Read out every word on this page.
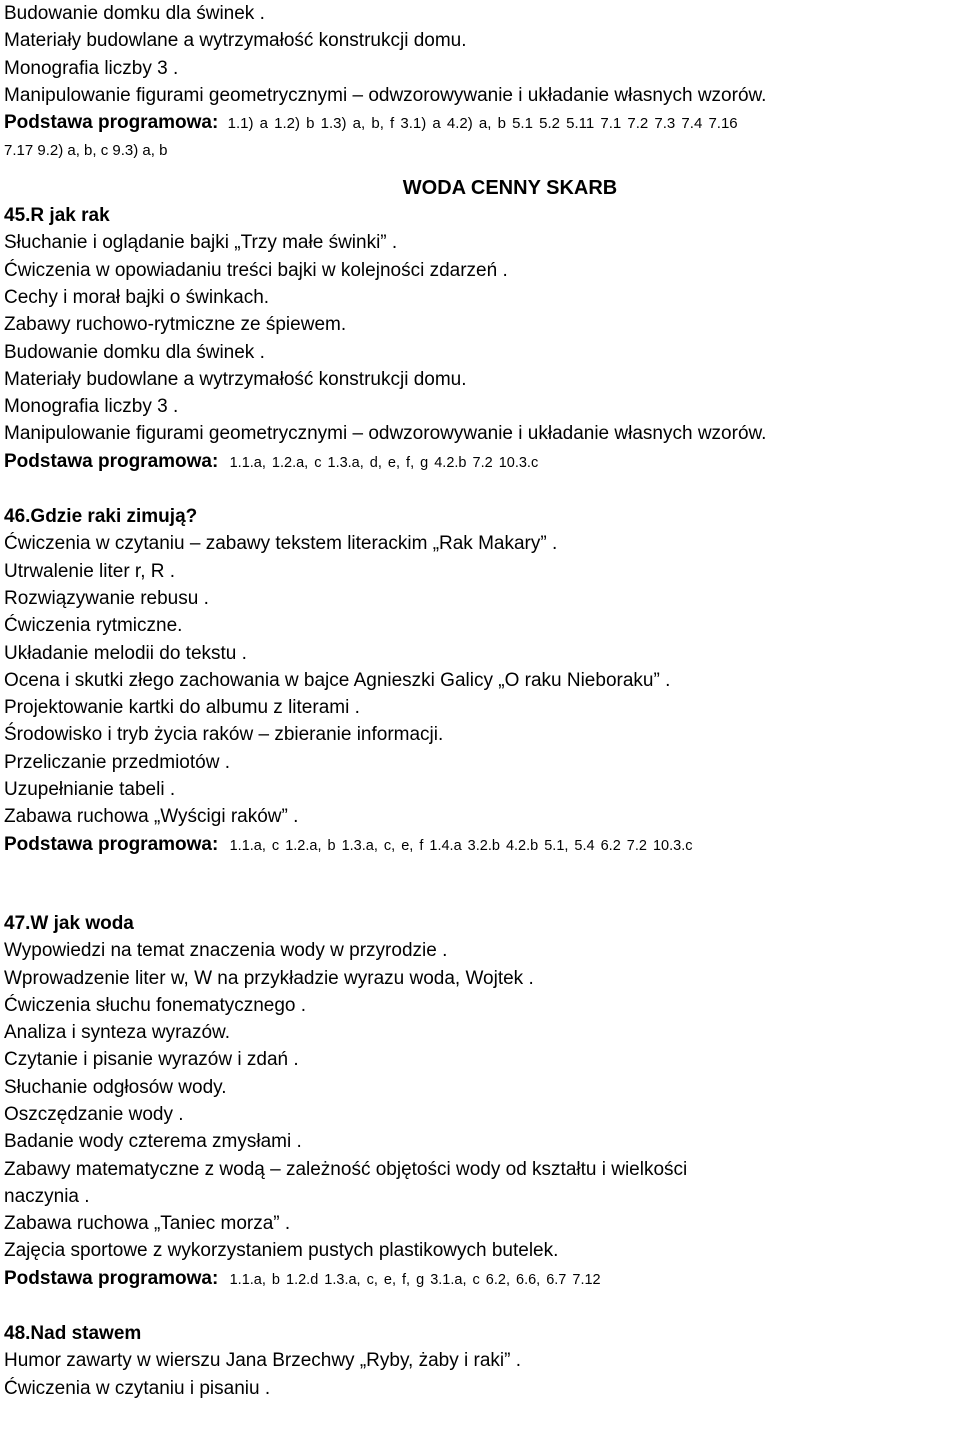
Budowanie domku dla świnek .
Materiały budowlane a wytrzymałość konstrukcji domu.
Monografia liczby 3 .
Manipulowanie figurami geometrycznymi – odwzorowywanie i układanie własnych wzorów.
Podstawa programowa: 1.1) a 1.2) b 1.3) a, b, f 3.1) a 4.2) a, b 5.1 5.2 5.11 7.1 7.2 7.3 7.4 7.16
7.17 9.2) a, b, c 9.3) a, b
WODA CENNY SKARB
45.R jak rak
Słuchanie i oglądanie bajki „Trzy małe świnki” .
Ćwiczenia w opowiadaniu treści bajki w kolejności zdarzeń .
Cechy i morał bajki o świnkach.
Zabawy ruchowo-rytmiczne ze śpiewem.
Budowanie domku dla świnek .
Materiały budowlane a wytrzymałość konstrukcji domu.
Monografia liczby 3 .
Manipulowanie figurami geometrycznymi – odwzorowywanie i układanie własnych wzorów.
Podstawa programowa: 1.1.a, 1.2.a, c 1.3.a, d, e, f, g 4.2.b 7.2 10.3.c
46.Gdzie raki zimują?
Ćwiczenia w czytaniu – zabawy tekstem literackim „Rak Makary” .
Utrwalenie liter r, R .
Rozwiązywanie rebusu .
Ćwiczenia rytmiczne.
Układanie melodii do tekstu .
Ocena i skutki złego zachowania w bajce Agnieszki Galicy „O raku Nieboraku” .
Projektowanie kartki do albumu z literami .
Środowisko i tryb życia raków – zbieranie informacji.
Przeliczanie przedmiotów .
Uzupełnianie tabeli .
Zabawa ruchowa „Wyścigi raków” .
Podstawa programowa: 1.1.a, c 1.2.a, b 1.3.a, c, e, f 1.4.a 3.2.b 4.2.b 5.1, 5.4 6.2 7.2 10.3.c
47.W jak woda
Wypowiedzi na temat znaczenia wody w przyrodzie .
Wprowadzenie liter w, W na przykładzie wyrazu woda, Wojtek .
Ćwiczenia słuchu fonematycznego .
Analiza i synteza wyrazów.
Czytanie i pisanie wyrazów i zdań .
Słuchanie odgłosów wody.
Oszczędzanie wody .
Badanie wody czterema zmysłami .
Zabawy matematyczne z wodą – zależność objętości wody od kształtu i wielkości
naczynia .
Zabawa ruchowa „Taniec morza” .
Zajęcia sportowe z wykorzystaniem pustych plastikowych butelek.
Podstawa programowa: 1.1.a, b 1.2.d 1.3.a, c, e, f, g 3.1.a, c 6.2, 6.6, 6.7 7.12
48.Nad stawem
Humor zawarty w wierszu Jana Brzechwy „Ryby, żaby i raki” .
Ćwiczenia w czytaniu i pisaniu .
